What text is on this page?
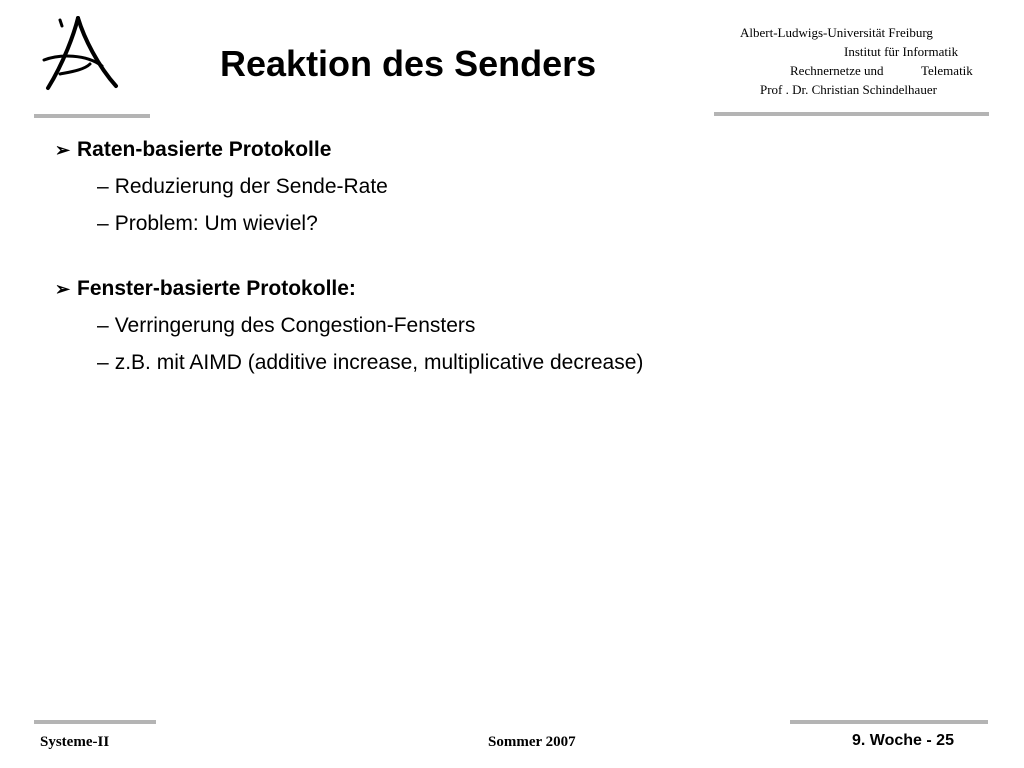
Reaktion des Senders
Albert-Ludwigs-Universität Freiburg
Institut für Informatik
Rechnernetze und	Telematik
Prof . Dr. Christian Schindelhauer
➢ Raten-basierte Protokolle
– Reduzierung der Sende-Rate
– Problem: Um wieviel?
➢ Fenster-basierte Protokolle:
– Verringerung des Congestion-Fensters
– z.B. mit AIMD (additive increase, multiplicative decrease)
Systeme-II	Sommer 2007	9. Woche - 25
